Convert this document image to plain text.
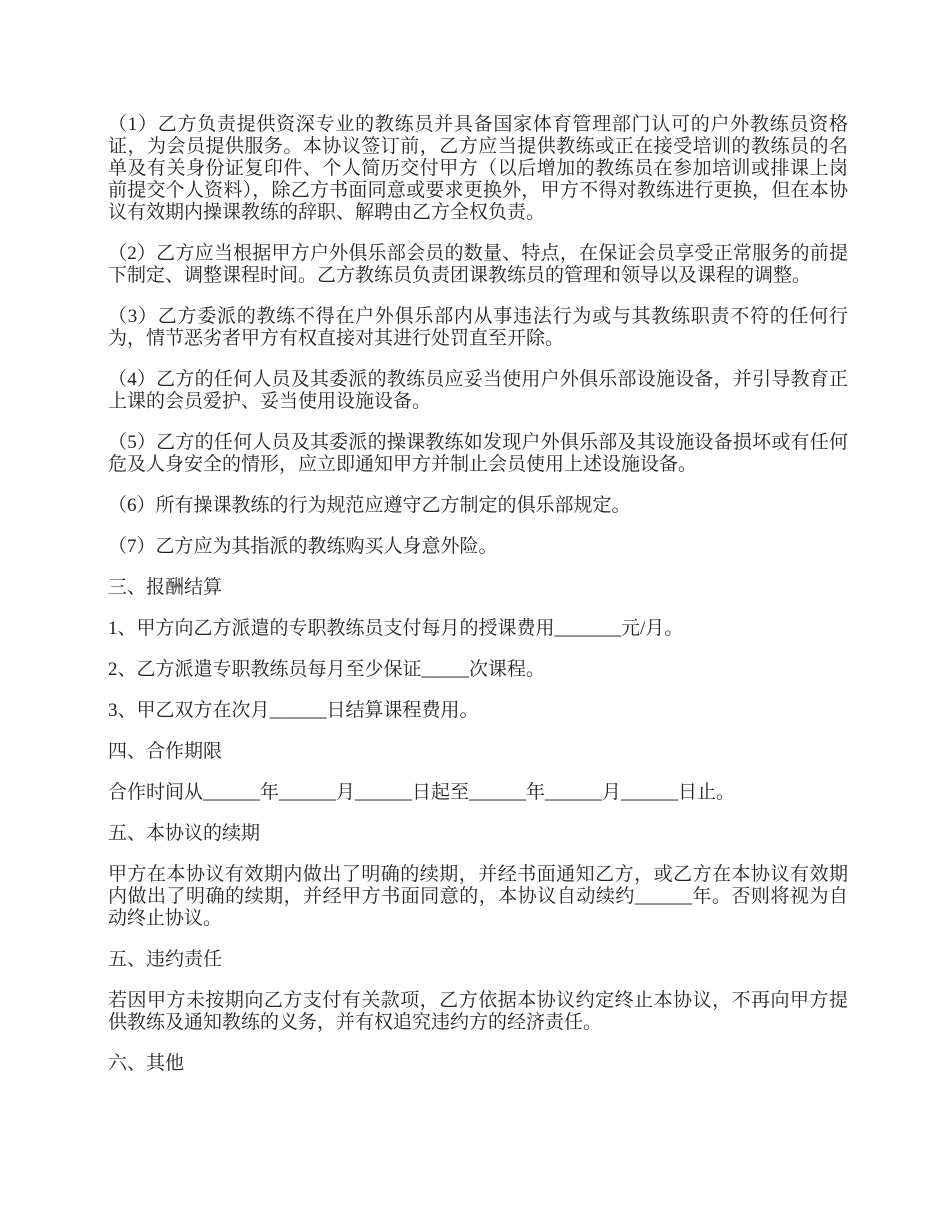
（1）乙方负责提供资深专业的教练员并具备国家体育管理部门认可的户外教练员资格证，为会员提供服务。本协议签订前，乙方应当提供教练或正在接受培训的教练员的名单及有关身份证复印件、个人简历交付甲方（以后增加的教练员在参加培训或排课上岗前提交个人资料），除乙方书面同意或要求更换外，甲方不得对教练进行更换，但在本协议有效期内操课教练的辞职、解聘由乙方全权负责。

（2）乙方应当根据甲方户外俱乐部会员的数量、特点，在保证会员享受正常服务的前提下制定、调整课程时间。乙方教练员负责团课教练员的管理和领导以及课程的调整。

（3）乙方委派的教练不得在户外俱乐部内从事违法行为或与其教练职责不符的任何行为，情节恶劣者甲方有权直接对其进行处罚直至开除。

（4）乙方的任何人员及其委派的教练员应妥当使用户外俱乐部设施设备，并引导教育正上课的会员爱护、妥当使用设施设备。

（5）乙方的任何人员及其委派的操课教练如发现户外俱乐部及其设施设备损坏或有任何危及人身安全的情形，应立即通知甲方并制止会员使用上述设施设备。

（6）所有操课教练的行为规范应遵守乙方制定的俱乐部规定。

（7）乙方应为其指派的教练购买人身意外险。

三、报酬结算

1、甲方向乙方派遣的专职教练员支付每月的授课费用_______元/月。

2、乙方派遣专职教练员每月至少保证_____次课程。

3、甲乙双方在次月______日结算课程费用。

四、合作期限

合作时间从______年______月______日起至______年______月______日止。

五、本协议的续期

甲方在本协议有效期内做出了明确的续期，并经书面通知乙方，或乙方在本协议有效期内做出了明确的续期，并经甲方书面同意的，本协议自动续约______年。否则将视为自动终止协议。

五、违约责任

若因甲方未按期向乙方支付有关款项，乙方依据本协议约定终止本协议，不再向甲方提供教练及通知教练的义务，并有权追究违约方的经济责任。

六、其他
